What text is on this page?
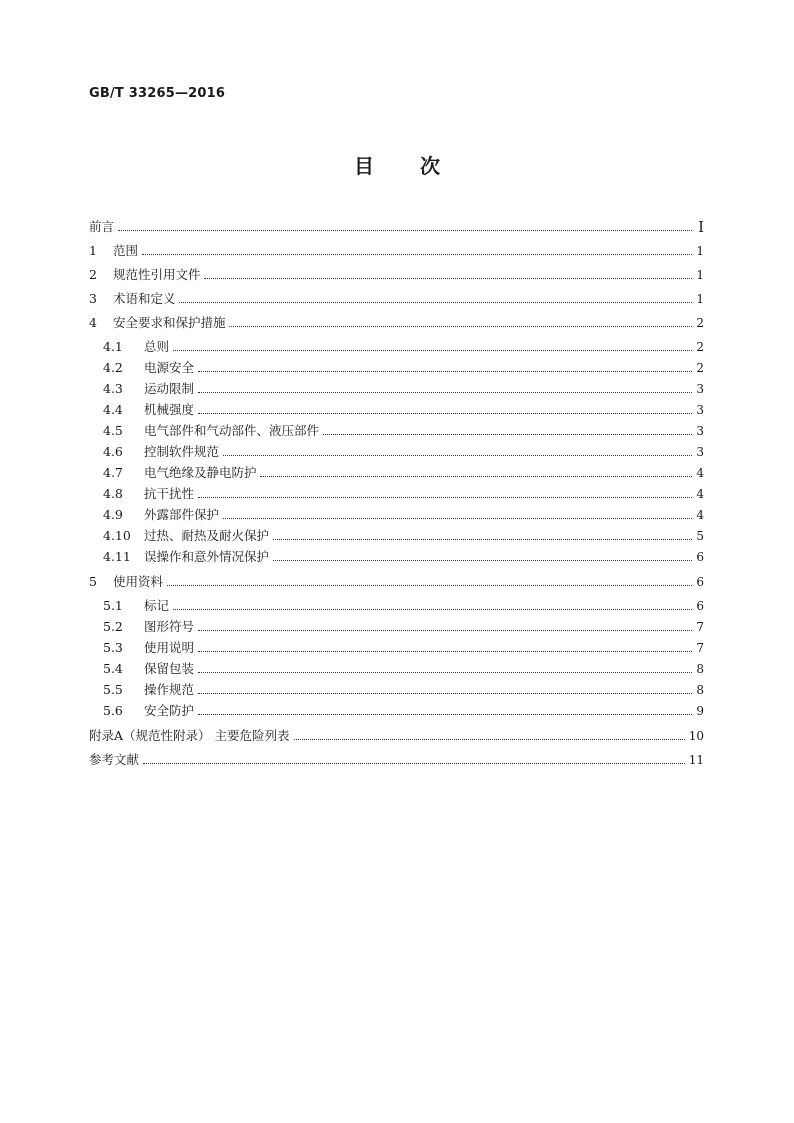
GB/T 33265—2016
目次
前言	Ⅰ
1 范围	1
2 规范性引用文件	1
3 术语和定义	1
4 安全要求和保护措施	2
4.1 总则	2
4.2 电源安全	2
4.3 运动限制	3
4.4 机械强度	3
4.5 电气部件和气动部件、液压部件	3
4.6 控制软件规范	3
4.7 电气绝缘及静电防护	4
4.8 抗干扰性	4
4.9 外露部件保护	4
4.10 过热、耐热及耐火保护	5
4.11 误操作和意外情况保护	6
5 使用资料	6
5.1 标记	6
5.2 图形符号	7
5.3 使用说明	7
5.4 保留包装	8
5.5 操作规范	8
5.6 安全防护	9
附录A（规范性附录） 主要危险列表	10
参考文献	11
